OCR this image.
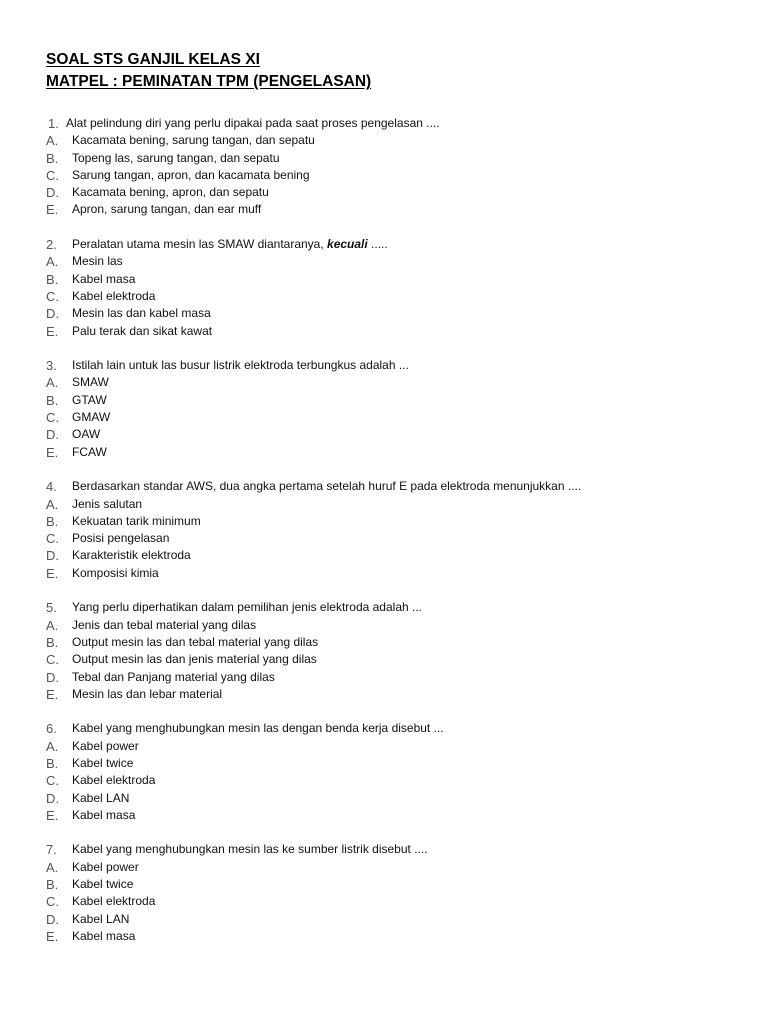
SOAL STS GANJIL KELAS XI
MATPEL : PEMINATAN TPM (PENGELASAN)
1. Alat pelindung diri yang perlu dipakai pada saat proses pengelasan ....
A. Kacamata bening, sarung tangan, dan sepatu
B. Topeng las, sarung tangan, dan sepatu
C. Sarung tangan, apron, dan kacamata bening
D. Kacamata bening, apron, dan sepatu
E. Apron, sarung tangan, dan ear muff
2. Peralatan utama mesin las SMAW diantaranya, kecuali .....
A. Mesin las
B. Kabel masa
C. Kabel elektroda
D. Mesin las dan kabel masa
E. Palu terak dan sikat kawat
3. Istilah lain untuk las busur listrik elektroda terbungkus adalah ...
A. SMAW
B. GTAW
C. GMAW
D. OAW
E. FCAW
4. Berdasarkan standar AWS, dua angka pertama setelah huruf E pada elektroda menunjukkan ....
A. Jenis salutan
B. Kekuatan tarik minimum
C. Posisi pengelasan
D. Karakteristik elektroda
E. Komposisi kimia
5. Yang perlu diperhatikan dalam pemilihan jenis elektroda adalah ...
A. Jenis dan tebal material yang dilas
B. Output mesin las dan tebal material yang dilas
C. Output mesin las dan jenis material yang dilas
D. Tebal dan Panjang material yang dilas
E. Mesin las dan lebar material
6. Kabel yang menghubungkan mesin las dengan benda kerja disebut ...
A. Kabel power
B. Kabel twice
C. Kabel elektroda
D. Kabel LAN
E. Kabel masa
7. Kabel yang menghubungkan mesin las ke sumber listrik disebut ....
A. Kabel power
B. Kabel twice
C. Kabel elektroda
D. Kabel LAN
E. Kabel masa
